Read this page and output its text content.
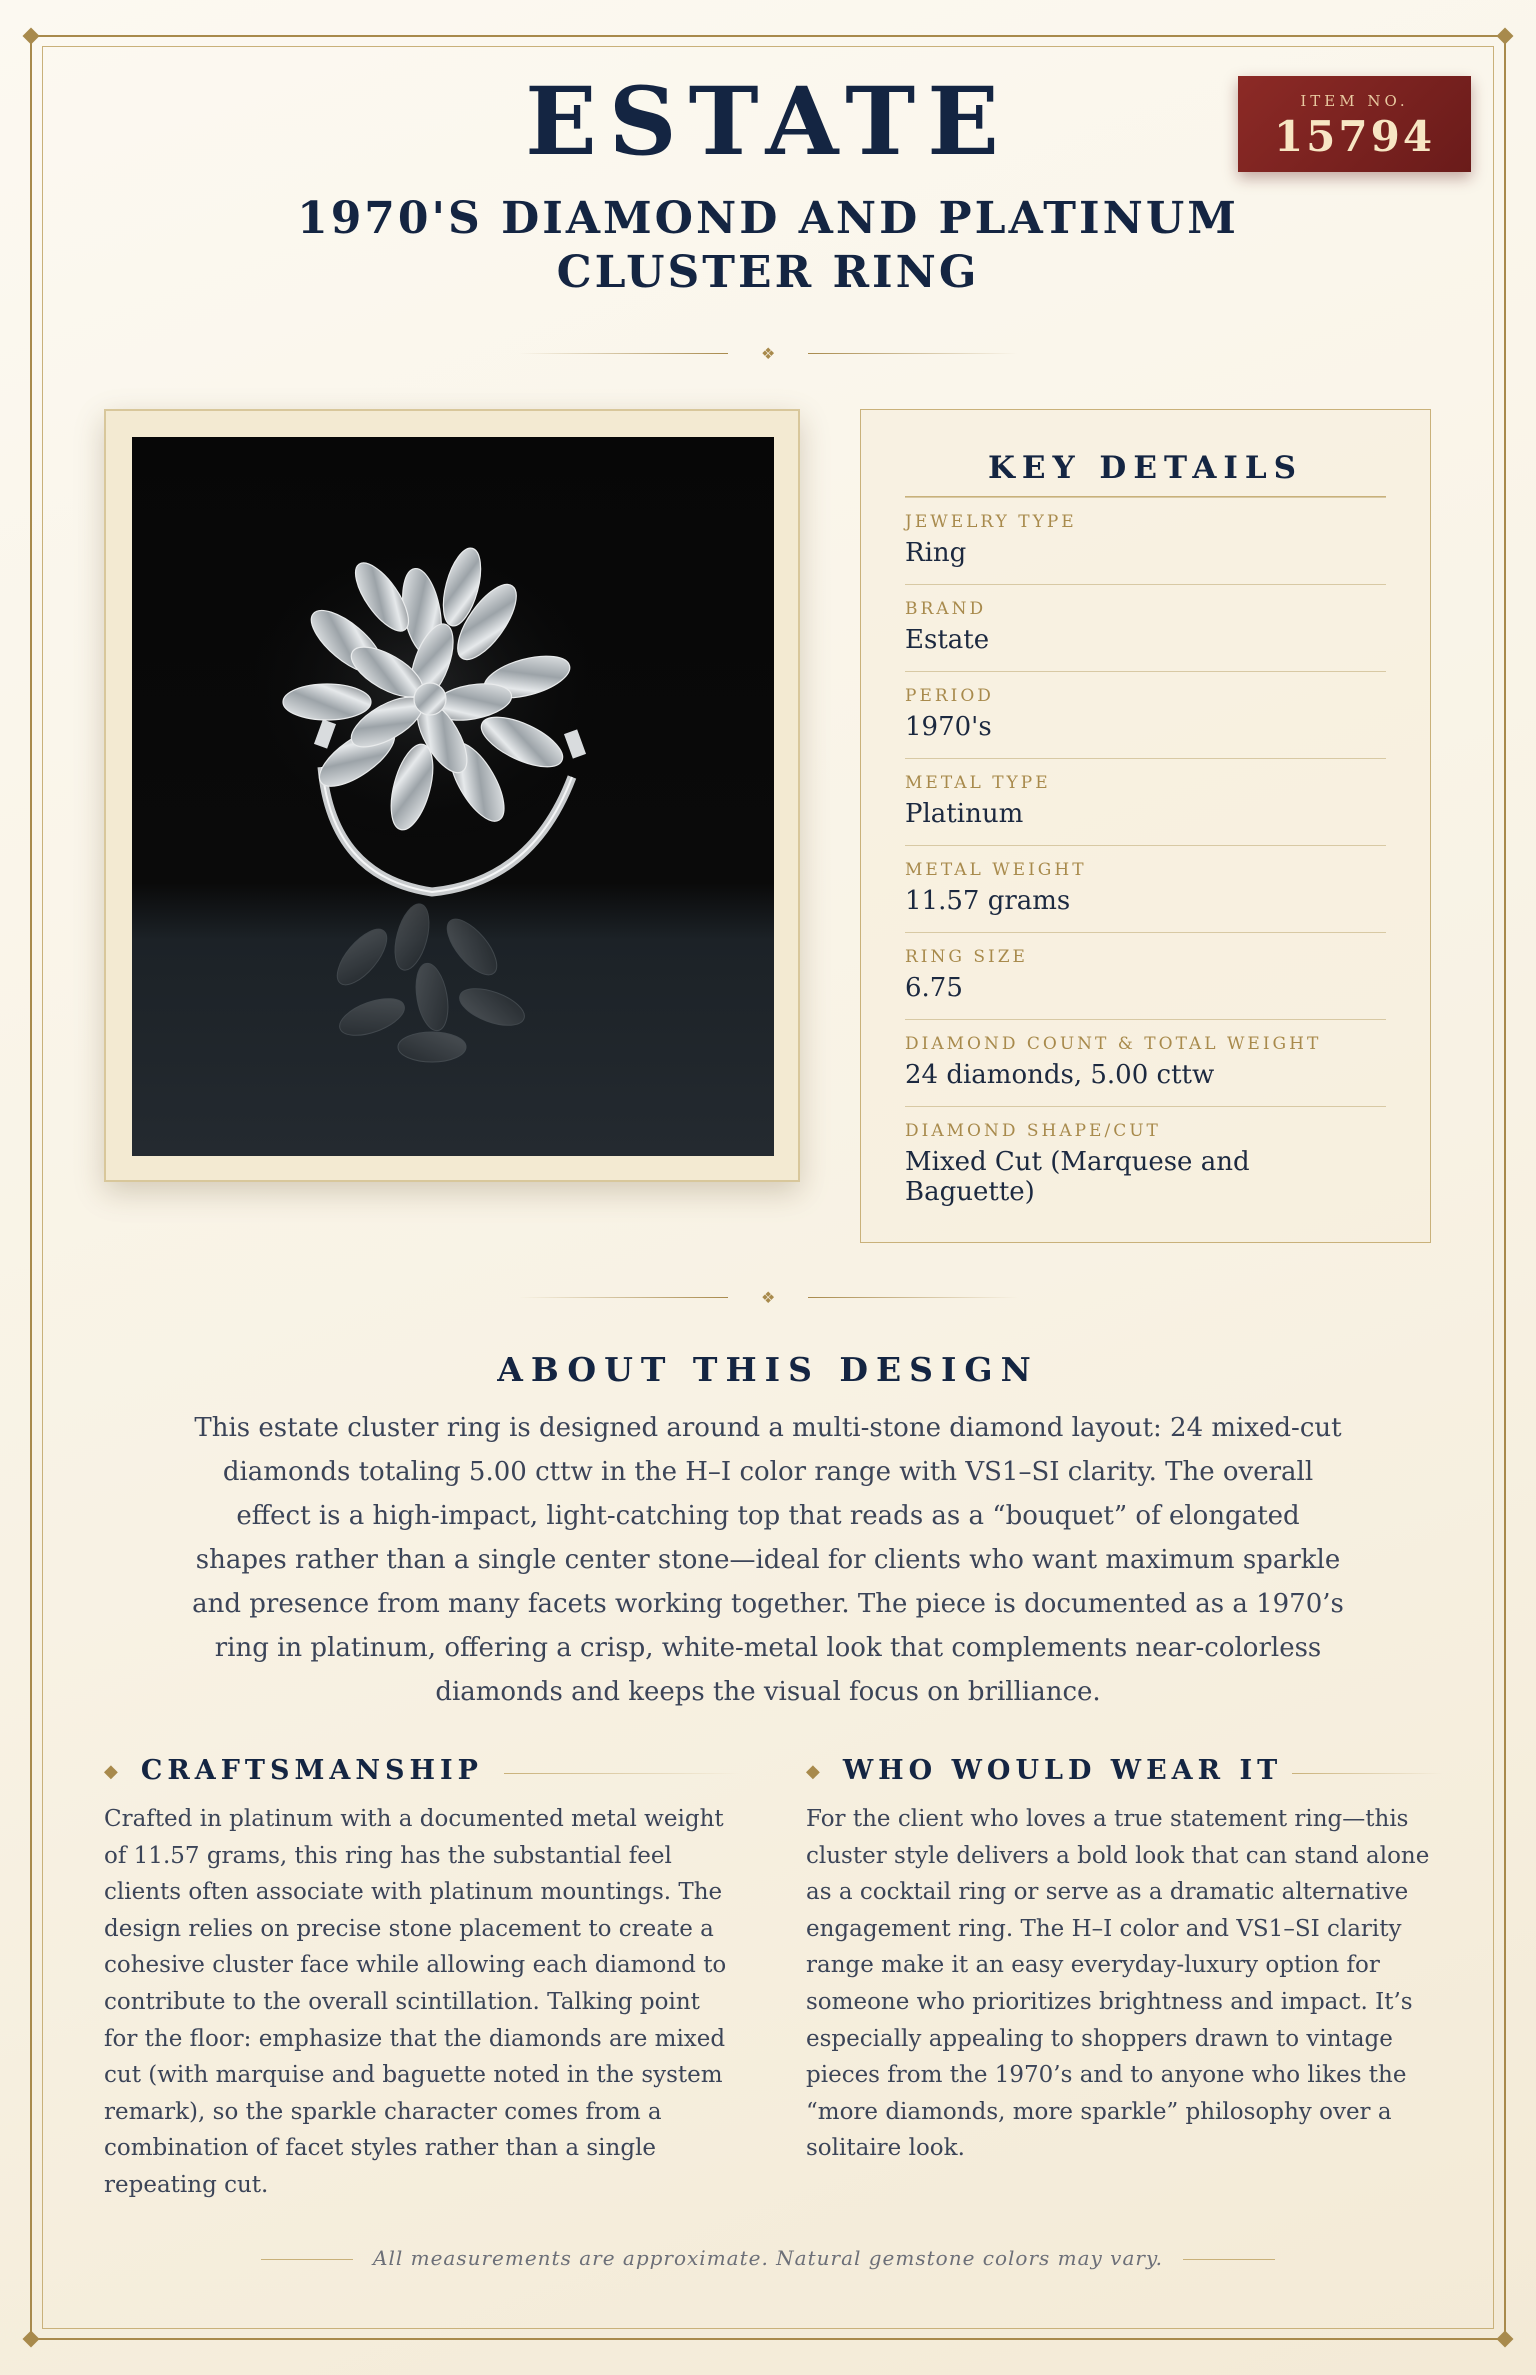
ESTATE
1970'S DIAMOND AND PLATINUM
CLUSTER RING
ITEM NO.
15794
❖
KEY DETAILS
JEWELRY TYPE
Ring
BRAND
Estate
PERIOD
1970's
METAL TYPE
Platinum
METAL WEIGHT
11.57 grams
RING SIZE
6.75
DIAMOND COUNT & TOTAL WEIGHT
24 diamonds, 5.00 cttw
DIAMOND SHAPE/CUT
Mixed Cut (Marquese and Baguette)
❖
ABOUT THIS DESIGN
This estate cluster ring is designed around a multi-stone diamond layout: 24 mixed-cut diamonds totaling 5.00 cttw in the H–I color range with VS1–SI clarity. The overall effect is a high-impact, light-catching top that reads as a “bouquet” of elongated shapes rather than a single center stone—ideal for clients who want maximum sparkle and presence from many facets working together. The piece is documented as a 1970’s ring in platinum, offering a crisp, white-metal look that complements near-colorless diamonds and keeps the visual focus on brilliance.
◆ CRAFTSMANSHIP

Crafted in platinum with a documented metal weight of 11.57 grams, this ring has the substantial feel clients often associate with platinum mountings. The design relies on precise stone placement to create a cohesive cluster face while allowing each diamond to contribute to the overall scintillation. Talking point for the floor: emphasize that the diamonds are mixed cut (with marquise and baguette noted in the system remark), so the sparkle character comes from a combination of facet styles rather than a single repeating cut.

◆ WHO WOULD WEAR IT

For the client who loves a true statement ring—this cluster style delivers a bold look that can stand alone as a cocktail ring or serve as a dramatic alternative engagement ring. The H–I color and VS1–SI clarity range make it an easy everyday-luxury option for someone who prioritizes brightness and impact. It’s especially appealing to shoppers drawn to vintage pieces from the 1970’s and to anyone who likes the “more diamonds, more sparkle” philosophy over a solitaire look.

All measurements are approximate. Natural gemstone colors may vary.
